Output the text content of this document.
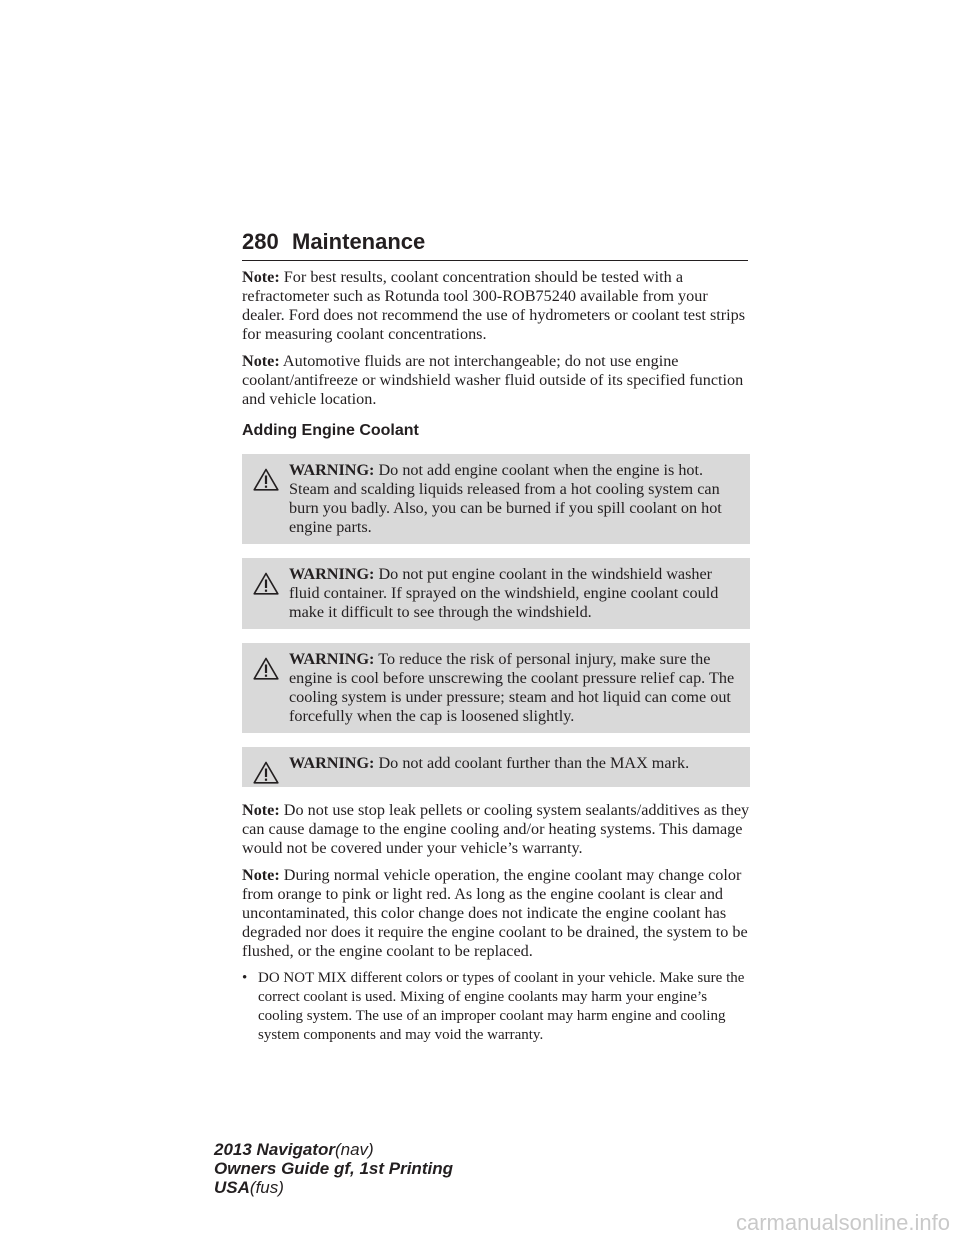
280 Maintenance

Note: For best results, coolant concentration should be tested with a refractometer such as Rotunda tool 300-ROB75240 available from your dealer. Ford does not recommend the use of hydrometers or coolant test strips for measuring coolant concentrations.

Note: Automotive fluids are not interchangeable; do not use engine coolant/antifreeze or windshield washer fluid outside of its specified function and vehicle location.

Adding Engine Coolant
WARNING: Do not add engine coolant when the engine is hot. Steam and scalding liquids released from a hot cooling system can burn you badly. Also, you can be burned if you spill coolant on hot engine parts.
WARNING: Do not put engine coolant in the windshield washer fluid container. If sprayed on the windshield, engine coolant could make it difficult to see through the windshield.
WARNING: To reduce the risk of personal injury, make sure the engine is cool before unscrewing the coolant pressure relief cap. The cooling system is under pressure; steam and hot liquid can come out forcefully when the cap is loosened slightly.
WARNING: Do not add coolant further than the MAX mark.

Note: Do not use stop leak pellets or cooling system sealants/additives as they can cause damage to the engine cooling and/or heating systems. This damage would not be covered under your vehicle’s warranty.

Note: During normal vehicle operation, the engine coolant may change color from orange to pink or light red. As long as the engine coolant is clear and uncontaminated, this color change does not indicate the engine coolant has degraded nor does it require the engine coolant to be drained, the system to be flushed, or the engine coolant to be replaced.

• DO NOT MIX different colors or types of coolant in your vehicle. Make sure the correct coolant is used. Mixing of engine coolants may harm your engine’s cooling system. The use of an improper coolant may harm engine and cooling system components and may void the warranty.
2013 Navigator(nav)
Owners Guide gf, 1st Printing
USA(fus)
carmanualsonline.info
